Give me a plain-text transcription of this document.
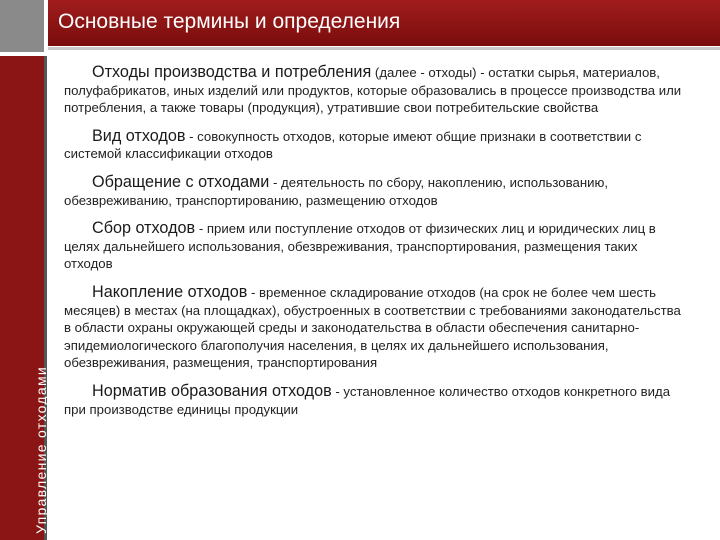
Основные термины и определения
Управление отходами

Отходы производства и потребления (далее - отходы) - остатки сырья, материалов, полуфабрикатов, иных изделий или продуктов, которые образовались в процессе производства или потребления, а также товары (продукция), утратившие свои потребительские свойства

Вид отходов - совокупность отходов, которые имеют общие признаки в соответствии с системой классификации отходов

Обращение с отходами - деятельность по сбору, накоплению, использованию, обезвреживанию, транспортированию, размещению отходов

Сбор отходов - прием или поступление отходов от физических лиц и юридических лиц в целях дальнейшего использования, обезвреживания, транспортирования, размещения таких отходов

Накопление отходов - временное складирование отходов (на срок не более чем шесть месяцев) в местах (на площадках), обустроенных в соответствии с требованиями законодательства в области охраны окружающей среды и законодательства в области обеспечения санитарно-эпидемиологического благополучия населения, в целях их дальнейшего использования, обезвреживания, размещения, транспортирования

Норматив образования отходов - установленное количество отходов конкретного вида при производстве единицы продукции
